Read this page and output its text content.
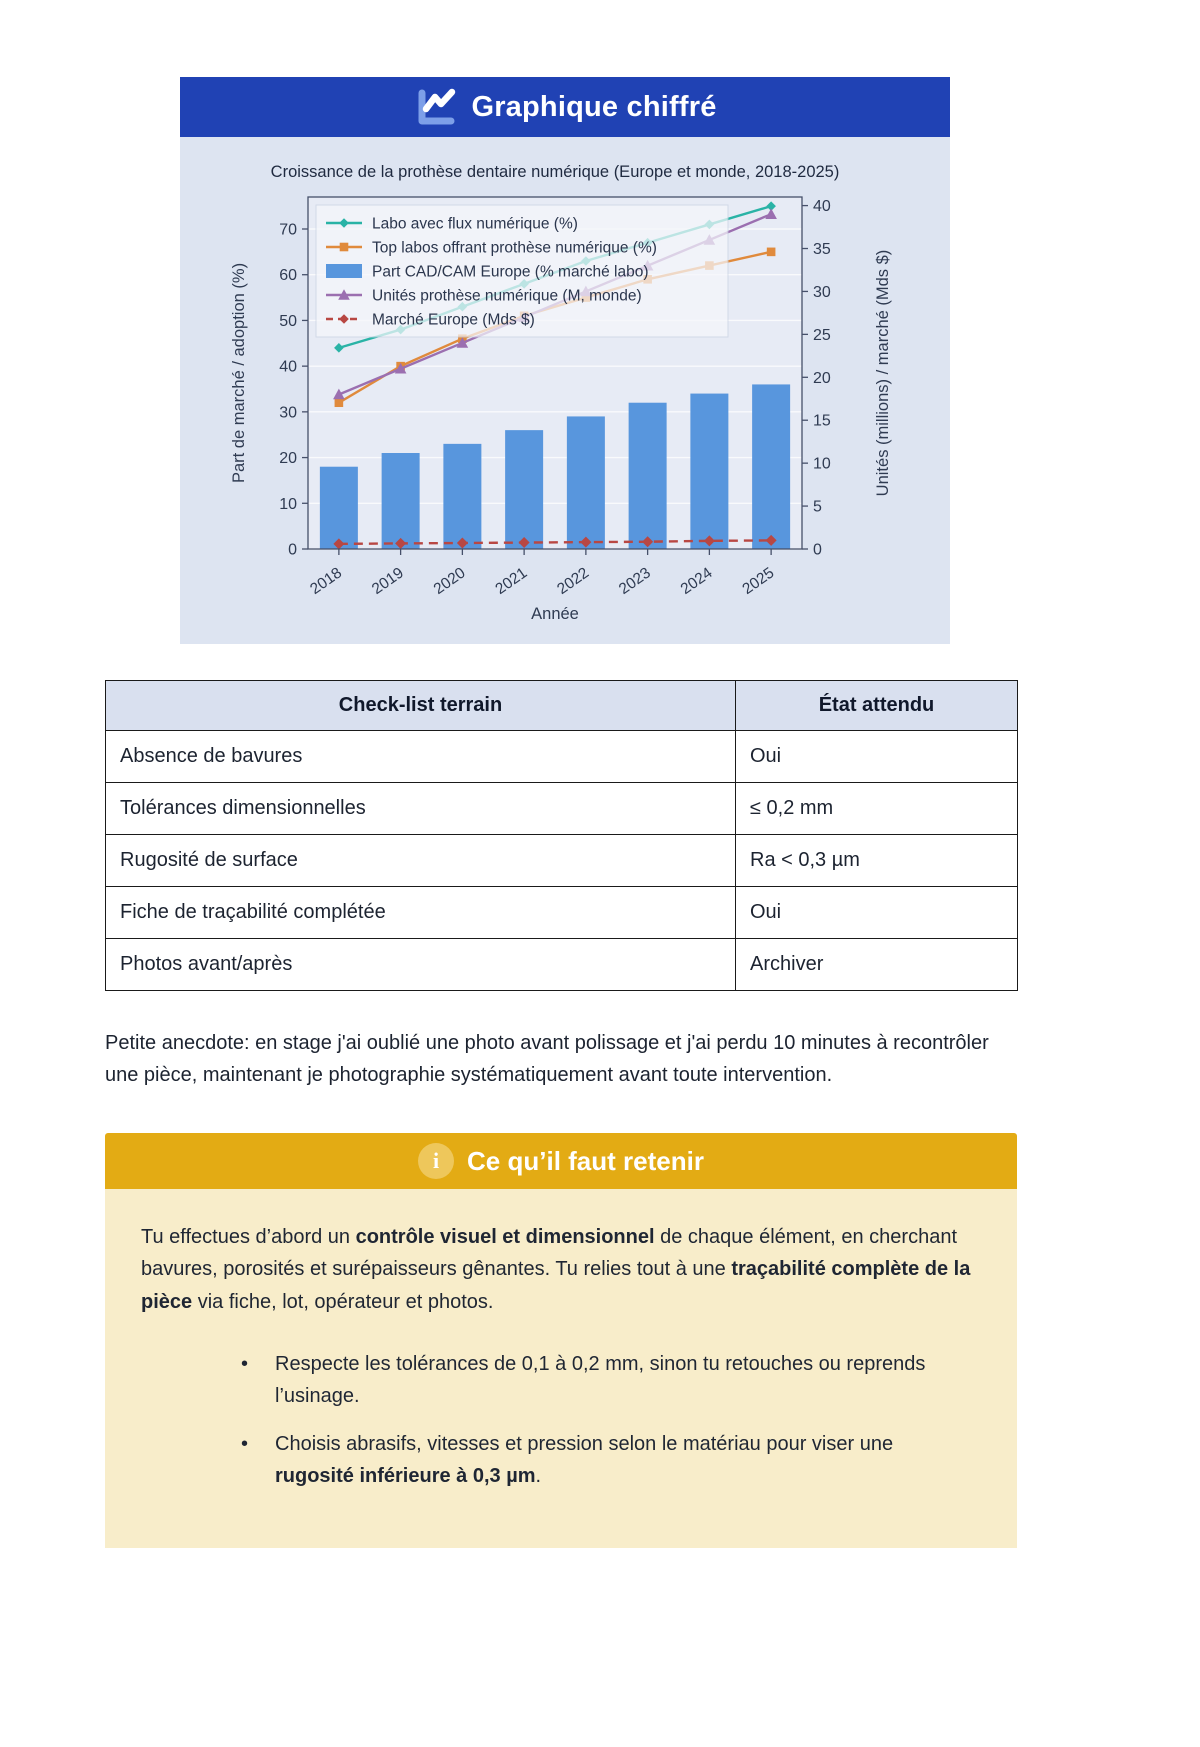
Graphique chiffré
Croissance de la prothèse dentaire numérique (Europe et monde, 2018-2025)
0
10
20
30
40
50
60
70
0
5
10
15
20
25
30
35
40
2018 2019 2020 2021 2022 2023 2024 2025
Année
Part de marché / adoption (%)	Unités (millions) / marché (Mds $)
Labo avec flux numérique (%)
Top labos offrant prothèse numérique (%)
Part CAD/CAM Europe (% marché labo)
Unités prothèse numérique (M, monde)
Marché Europe (Mds $)
Check-list terrain	État attendu
Absence de bavures	Oui
Tolérances dimensionnelles	≤ 0,2 mm
Rugosité de surface	Ra < 0,3 µm
Fiche de traçabilité complétée	Oui
Photos avant/après	Archiver

Petite anecdote: en stage j'ai oublié une photo avant polissage et j'ai perdu 10 minutes à recontrôler une pièce, maintenant je photographie systématiquement avant toute intervention.

i	Ce qu’il faut retenir

Tu effectues d’abord un contrôle visuel et dimensionnel de chaque élément, en cherchant bavures, porosités et surépaisseurs gênantes. Tu relies tout à une traçabilité complète de la pièce via fiche, lot, opérateur et photos.

•	Respecte les tolérances de 0,1 à 0,2 mm, sinon tu retouches ou reprends l’usinage.
•	Choisis abrasifs, vitesses et pression selon le matériau pour viser une rugosité inférieure à 0,3 µm.
